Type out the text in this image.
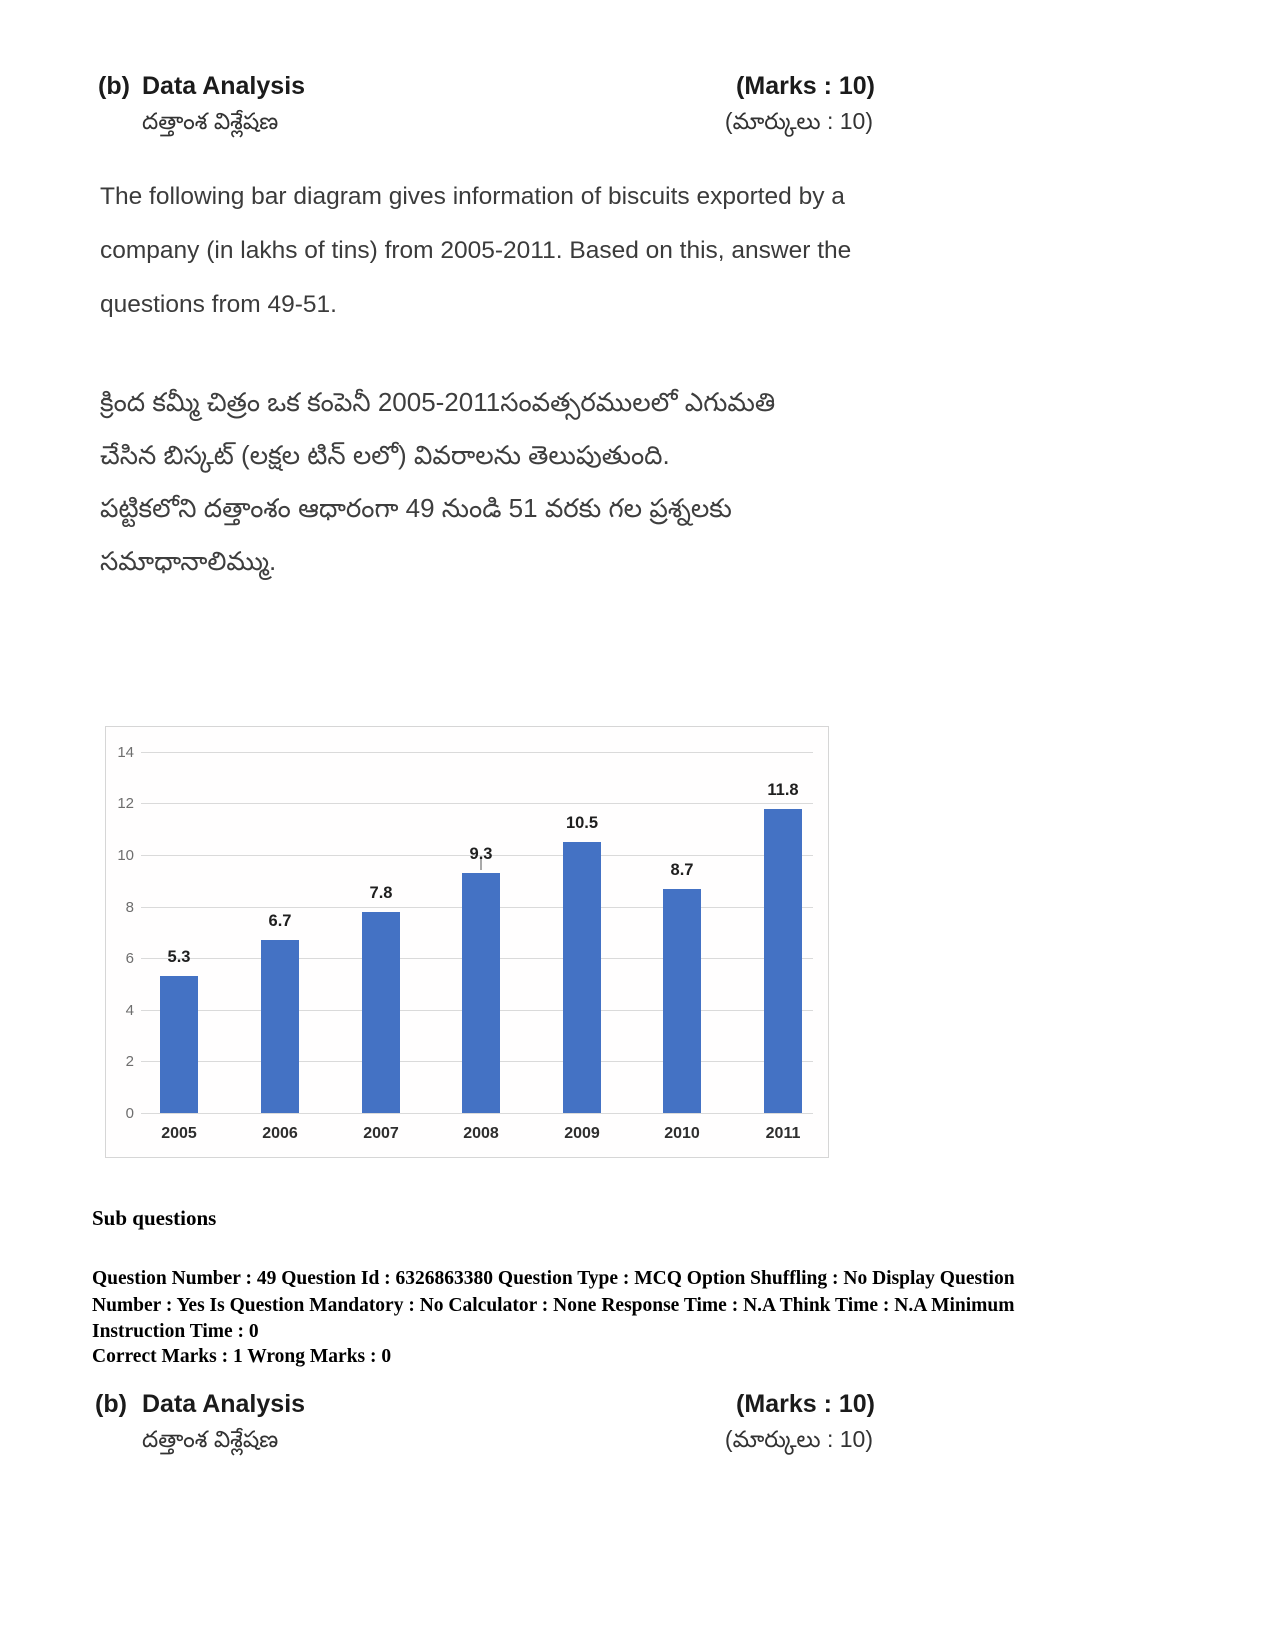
(b) Data Analysis	(Marks : 10)
దత్తాంశ విశ్లేషణ	(మార్కులు : 10)
The following bar diagram gives information of biscuits exported by a
company (in lakhs of tins) from 2005-2011. Based on this, answer the
questions from 49-51.
క్రింద కమ్మీ చిత్రం ఒక కంపెనీ 2005-2011సంవత్సరములలో ఎగుమతి
చేసిన బిస్కట్ (లక్షల టిన్ లలో) వివరాలను తెలుపుతుంది.
పట్టికలోని దత్తాంశం ఆధారంగా 49 నుండి 51 వరకు గల ప్రశ్నలకు
సమాధానాలిమ్ము.
0
2
4
6
8
10
12
14
5.3
2005
6.7
2006
7.8
2007
9.3
2008
10.5
2009
8.7
2010
11.8
2011
Sub questions
Question Number : 49 Question Id : 6326863380 Question Type : MCQ Option Shuffling : No Display Question
Number : Yes Is Question Mandatory : No Calculator : None Response Time : N.A Think Time : N.A Minimum
Instruction Time : 0
Correct Marks : 1 Wrong Marks : 0
(b) Data Analysis	(Marks : 10)
దత్తాంశ విశ్లేషణ	(మార్కులు : 10)
